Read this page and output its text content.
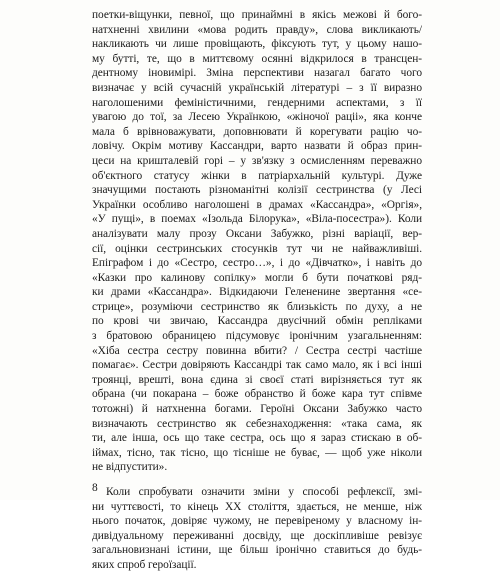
поетки-віщунки, певної, що принаймні в якісь межові й бого-
натхненні хвилини «мова родить правду», слова викликають/
накликають чи лише провіщають, фіксують тут, у цьому нашо-
му бутті, те, що в миттєвому осянні відкрилося в трансцен-
дентному іновимірі. Зміна перспективи назагал багато чого
визначає у всій сучасній українській літературі – з її виразно
наголошеними феміністичними, гендерними аспектами, з її
увагою до тої, за Лесею Українкою, «жіночої раціі», яка конче
мала б врівноважувати, доповнювати й корегувати рацію чо-
ловічу. Окрім мотиву Кассандри, варто назвати й образ прин-
цеси на кришталевій горі – у зв'язку з осмисленням переважно
об'єктного статусу жінки в патріархальній культурі. Дуже
значущими постають різноманітні колізії сестринства (у Лесі
Українки особливо наголошені в драмах «Кассандра», «Оргія»,
«У пущі», в поемах «Ізольда Білорука», «Віла-посестра»). Коли
аналізувати малу прозу Оксани Забужко, різні варіації, вер-
сії, оцінки сестринських стосунків тут чи не найважливіші.
Епіграфом і до «Сестро, сестро…», і до «Дівчатко», і навіть до
«Казки про калинову сопілку» могли б бути початкові ряд-
ки драми «Кассандра». Відкидаючи Гелененине звертання «се-
стрице», розуміючи сестринство як близькість по духу, а не
по крові чи звичаю, Кассандра двусічний обмін репліками
з братовою обраницею підсумовує іронічним узагальненням:
«Хіба сестра сестру повинна вбити? / Сестра сестрі частіше
помагає». Сестри довіряють Кассандрі так само мало, як і всі інші
троянці, врешті, вона єдина зі своєї статі вирізняється тут як
обрана (чи покарана – боже обранство й боже кара тут співме
тотожні) й натхненна богами. Героїні Оксани Забужко часто
визначають сестринство як себезнаходження: «така сама, як
ти, але інша, ось що таке сестра, ось що я зараз стискаю в об-
іймах, тісно, так тісно, що тісніше не буває, — щоб уже ніколи
не відпустити».
Коли спробувати означити зміни у способі рефлексії, змі-
ни чуттєвості, то кінець ХХ століття, здається, не менше, ніж
нього початок, довіряє чужому, не перевіреному у власному ін-
дивідуальному переживанні досвіду, ще доскіпливіше ревізує
загальновизнані істини, ще більш іронічно ставиться до будь-
яких спроб героїзації.
8
